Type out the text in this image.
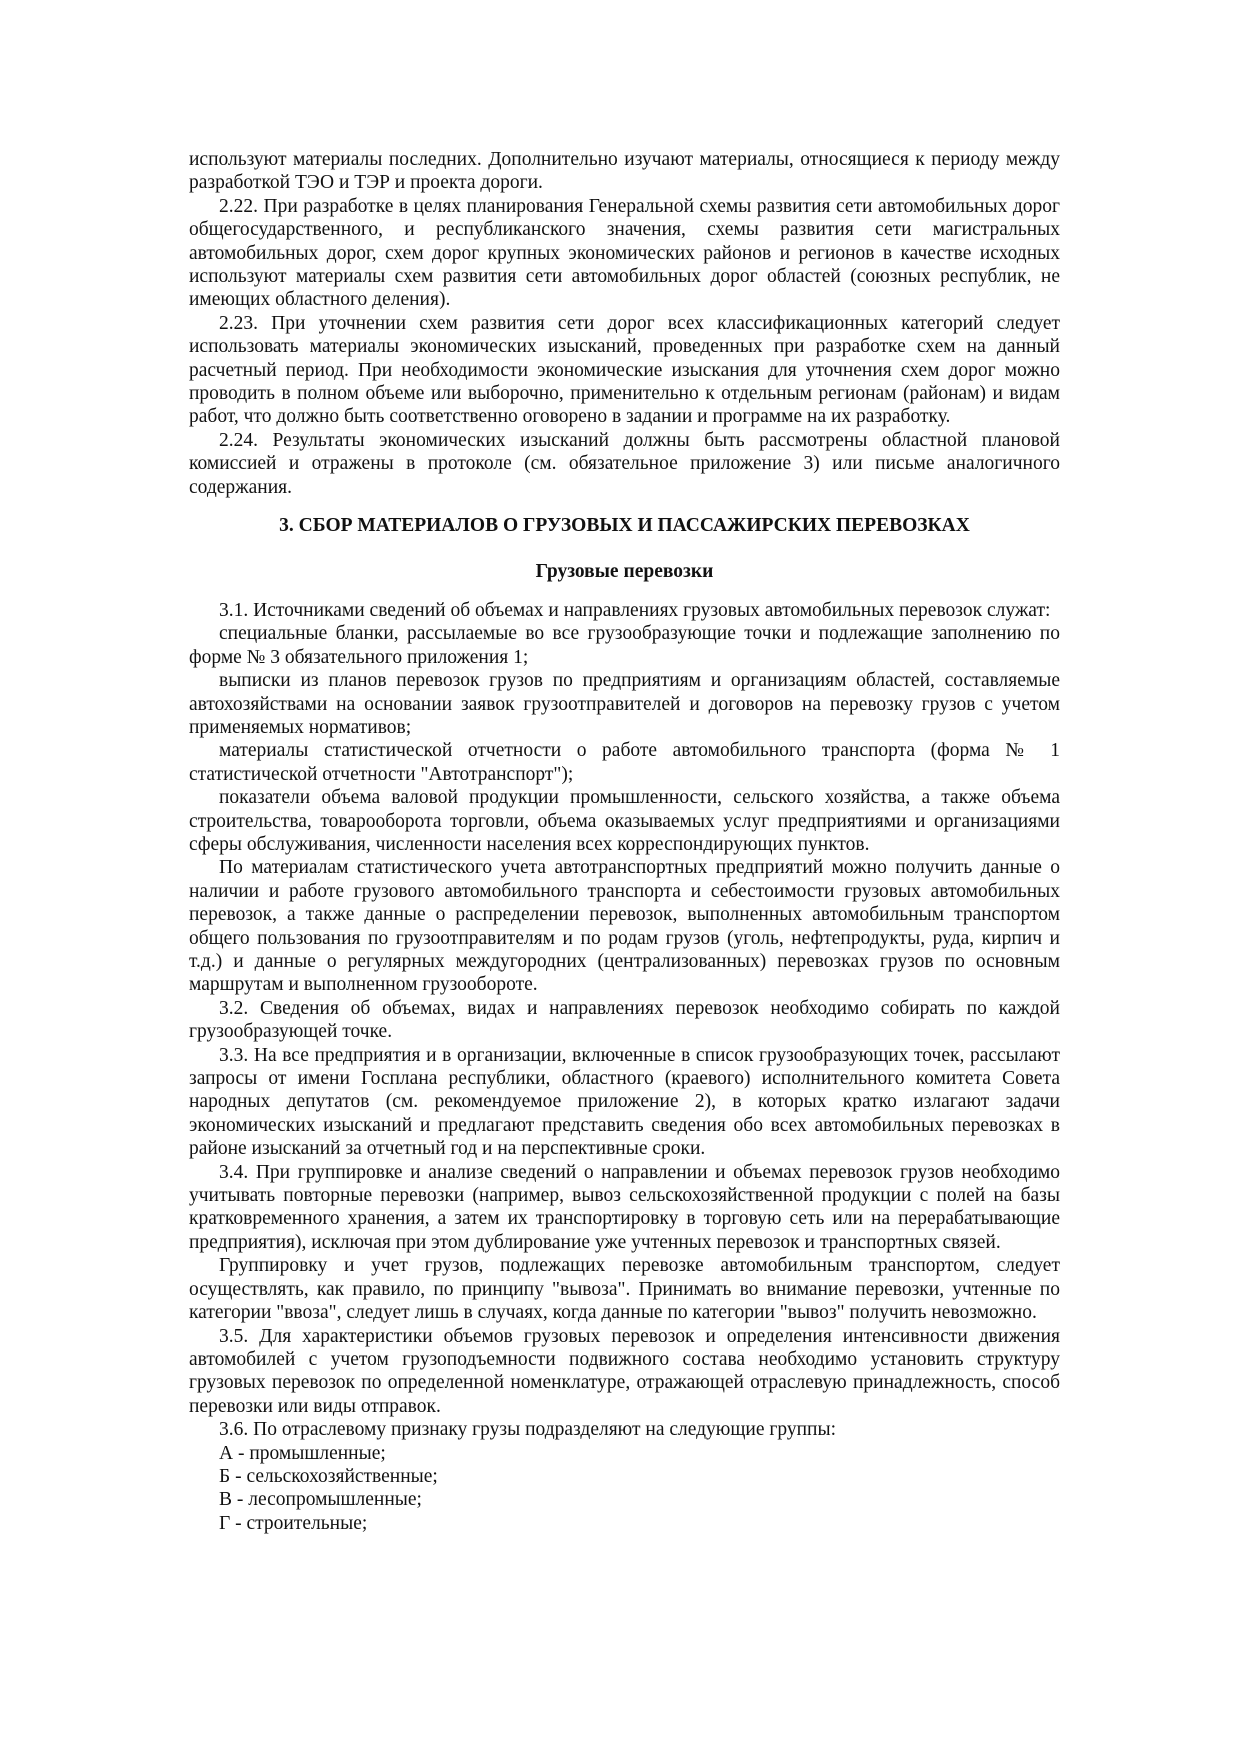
используют материалы последних. Дополнительно изучают материалы, относящиеся к периоду между разработкой ТЭО и ТЭР и проекта дороги.

2.22. При разработке в целях планирования Генеральной схемы развития сети автомобильных дорог общегосударственного, и республиканского значения, схемы развития сети магистральных автомобильных дорог, схем дорог крупных экономических районов и регионов в качестве исходных используют материалы схем развития сети автомобильных дорог областей (союзных республик, не имеющих областного деления).

2.23. При уточнении схем развития сети дорог всех классификационных категорий следует использовать материалы экономических изысканий, проведенных при разработке схем на данный расчетный период. При необходимости экономические изыскания для уточнения схем дорог можно проводить в полном объеме или выборочно, применительно к отдельным регионам (районам) и видам работ, что должно быть соответственно оговорено в задании и программе на их разработку.

2.24. Результаты экономических изысканий должны быть рассмотрены областной плановой комиссией и отражены в протоколе (см. обязательное приложение 3) или письме аналогичного содержания.

3. СБОР МАТЕРИАЛОВ О ГРУЗОВЫХ И ПАССАЖИРСКИХ ПЕРЕВОЗКАХ
Грузовые перевозки

3.1. Источниками сведений об объемах и направлениях грузовых автомобильных перевозок служат:

специальные бланки, рассылаемые во все грузообразующие точки и подлежащие заполнению по форме № 3 обязательного приложения 1;

выписки из планов перевозок грузов по предприятиям и организациям областей, составляемые автохозяйствами на основании заявок грузоотправителей и договоров на перевозку грузов с учетом применяемых нормативов;

материалы статистической отчетности о работе автомобильного транспорта (форма № 1 статистической отчетности "Автотранспорт");

показатели объема валовой продукции промышленности, сельского хозяйства, а также объема строительства, товарооборота торговли, объема оказываемых услуг предприятиями и организациями сферы обслуживания, численности населения всех корреспондирующих пунктов.

По материалам статистического учета автотранспортных предприятий можно получить данные о наличии и работе грузового автомобильного транспорта и себестоимости грузовых автомобильных перевозок, а также данные о распределении перевозок, выполненных автомобильным транспортом общего пользования по грузоотправителям и по родам грузов (уголь, нефтепродукты, руда, кирпич и т.д.) и данные о регулярных междугородних (централизованных) перевозках грузов по основным маршрутам и выполненном грузообороте.

3.2. Сведения об объемах, видах и направлениях перевозок необходимо собирать по каждой грузообразующей точке.

3.3. На все предприятия и в организации, включенные в список грузообразующих точек, рассылают запросы от имени Госплана республики, областного (краевого) исполнительного комитета Совета народных депутатов (см. рекомендуемое приложение 2), в которых кратко излагают задачи экономических изысканий и предлагают представить сведения обо всех автомобильных перевозках в районе изысканий за отчетный год и на перспективные сроки.

3.4. При группировке и анализе сведений о направлении и объемах перевозок грузов необходимо учитывать повторные перевозки (например, вывоз сельскохозяйственной продукции с полей на базы кратковременного хранения, а затем их транспортировку в торговую сеть или на перерабатывающие предприятия), исключая при этом дублирование уже учтенных перевозок и транспортных связей.

Группировку и учет грузов, подлежащих перевозке автомобильным транспортом, следует осуществлять, как правило, по принципу "вывоза". Принимать во внимание перевозки, учтенные по категории "ввоза", следует лишь в случаях, когда данные по категории "вывоз" получить невозможно.

3.5. Для характеристики объемов грузовых перевозок и определения интенсивности движения автомобилей с учетом грузоподъемности подвижного состава необходимо установить структуру грузовых перевозок по определенной номенклатуре, отражающей отраслевую принадлежность, способ перевозки или виды отправок.

3.6. По отраслевому признаку грузы подразделяют на следующие группы:

А - промышленные;

Б - сельскохозяйственные;

В - лесопромышленные;

Г - строительные;
